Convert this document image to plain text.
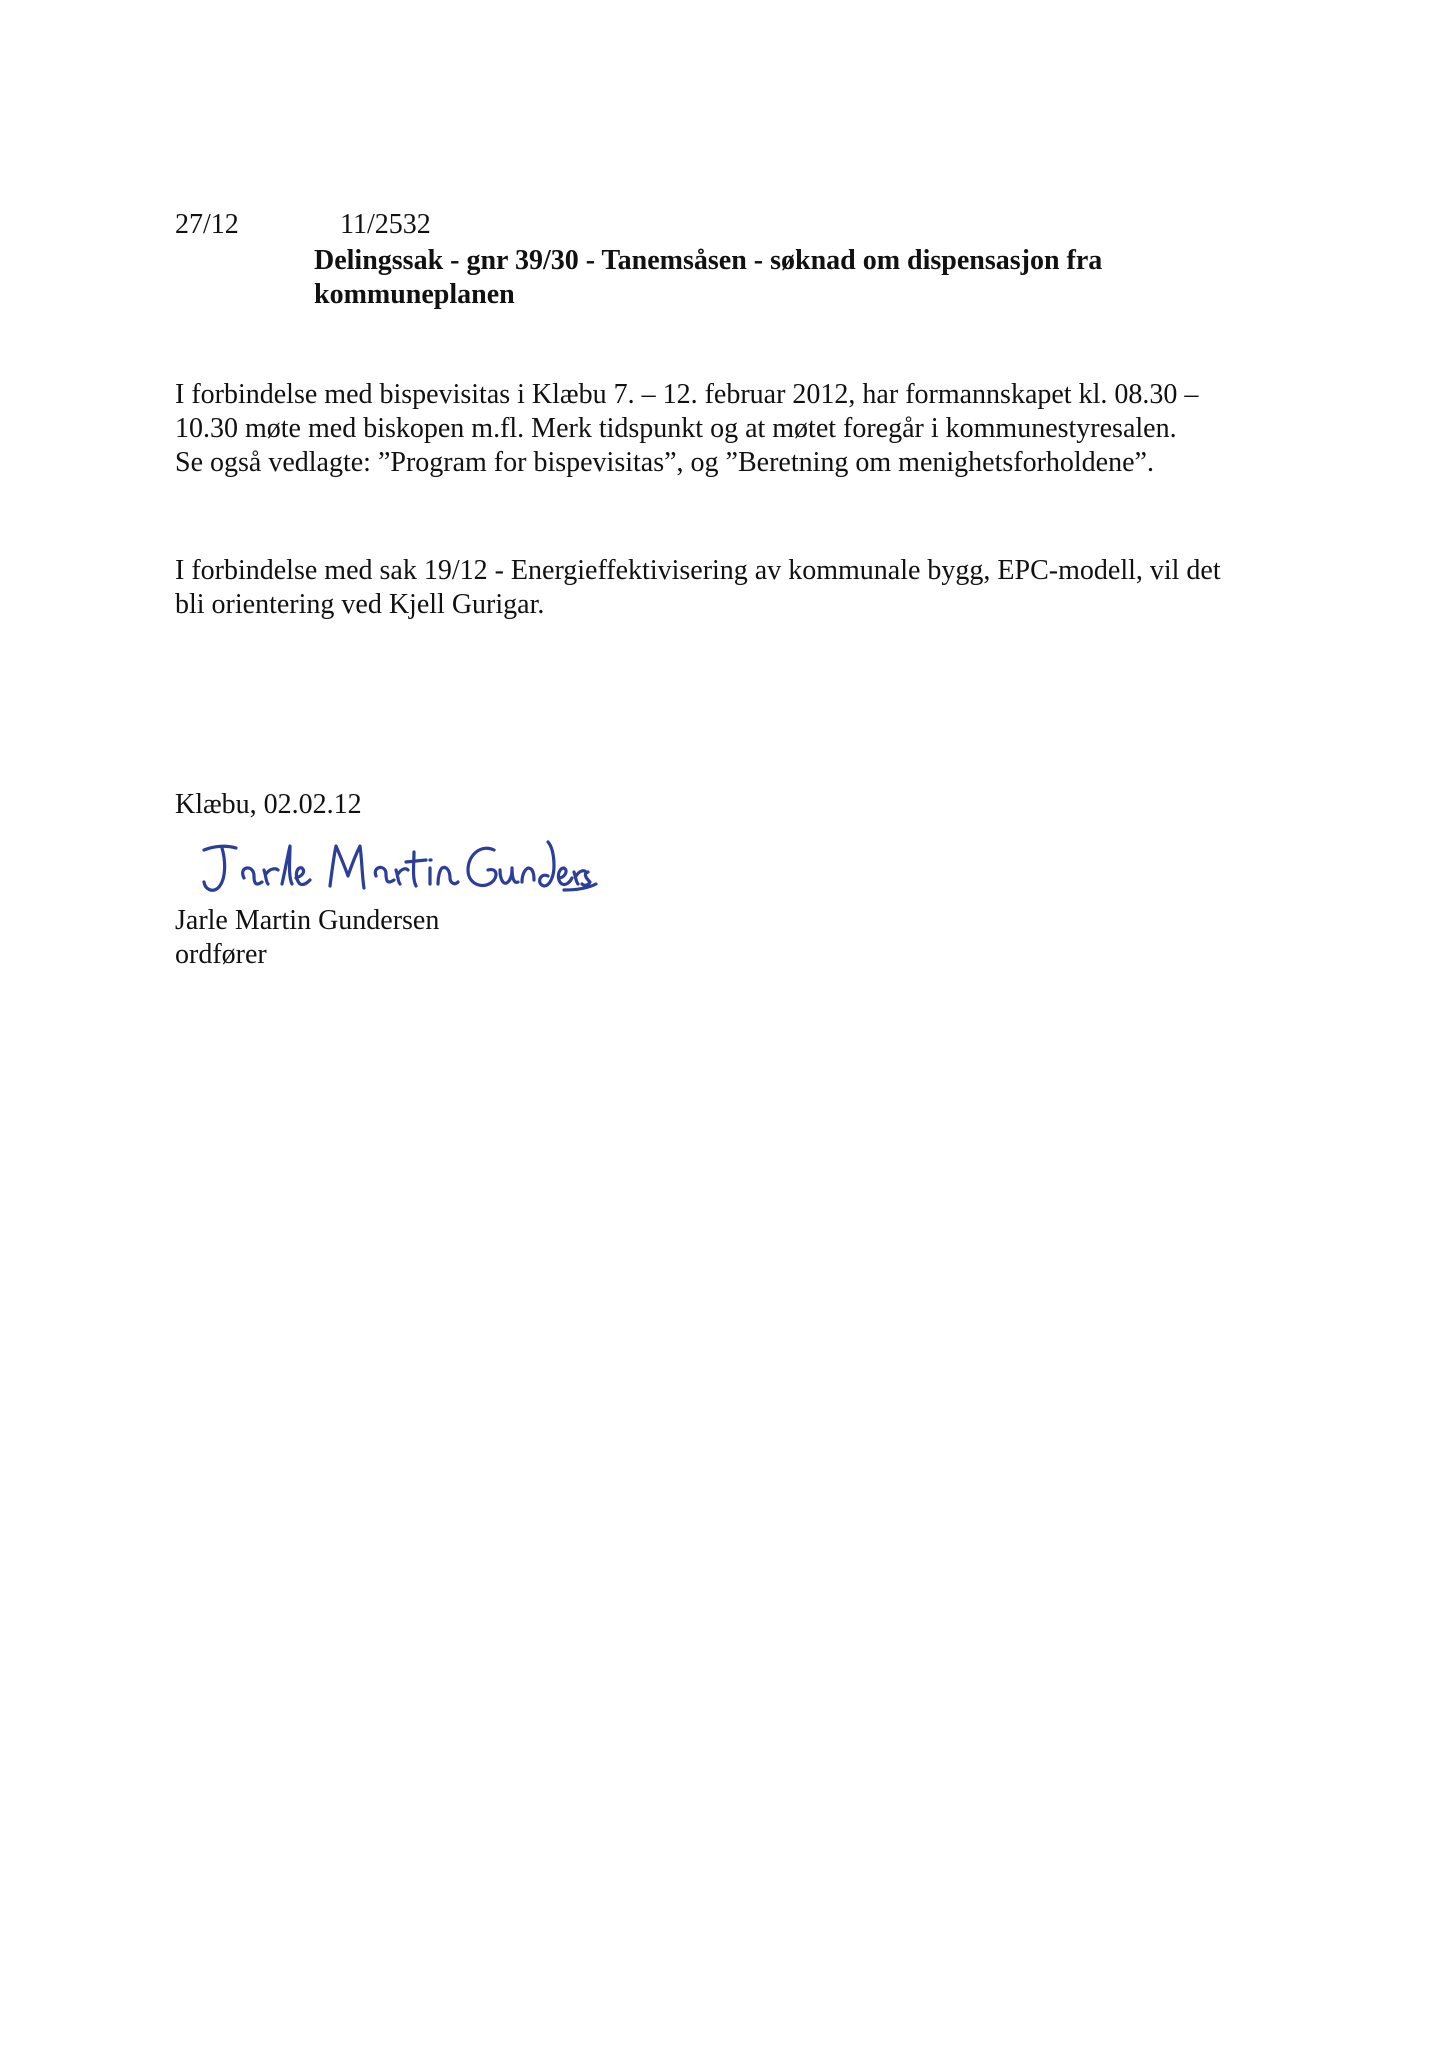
27/12	11/2532
Delingssak - gnr 39/30 - Tanemsåsen - søknad om dispensasjon fra
kommuneplanen
I forbindelse med bispevisitas i Klæbu 7. – 12. februar 2012, har formannskapet kl. 08.30 –
10.30 møte med biskopen m.fl. Merk tidspunkt og at møtet foregår i kommunestyresalen.
Se også vedlagte: ”Program for bispevisitas”, og ”Beretning om menighetsforholdene”.
I forbindelse med sak 19/12 - Energieffektivisering av kommunale bygg, EPC-modell, vil det
bli orientering ved Kjell Gurigar.
Klæbu, 02.02.12
Jarle Martin Gundersen
ordfører
